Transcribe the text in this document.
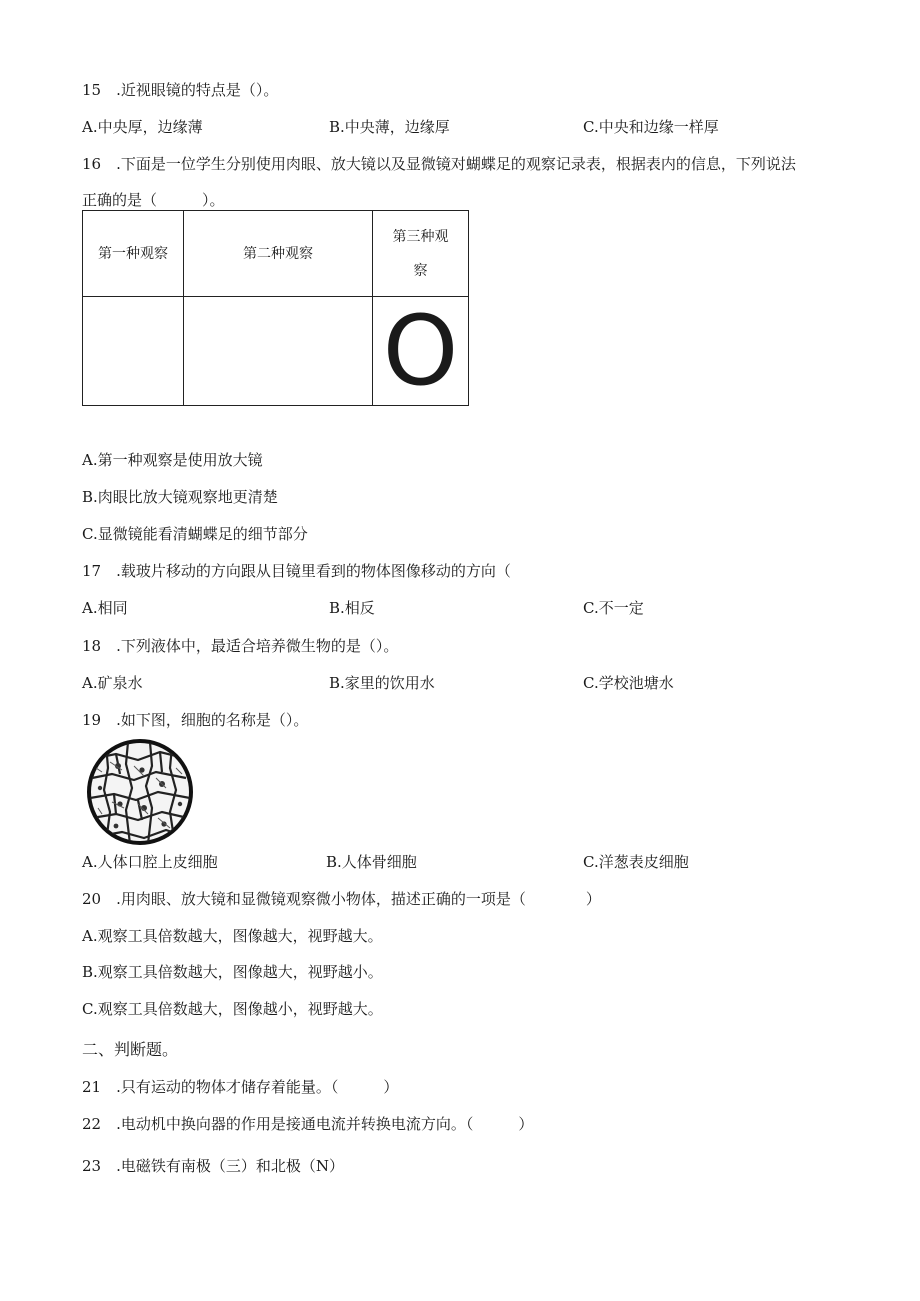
15　.近视眼镜的特点是（）。
A.中央厚，边缘薄	B.中央薄，边缘厚	C.中央和边缘一样厚
16　.下面是一位学生分别使用肉眼、放大镜以及显微镜对蝴蝶足的观察记录表，根据表内的信息，下列说法
正确的是（　　　）。
第一种观察	第二种观察	第三种观
察

		O
A.第一种观察是使用放大镜
B.肉眼比放大镜观察地更清楚
C.显微镜能看清蝴蝶足的细节部分
17　.载玻片移动的方向跟从目镜里看到的物体图像移动的方向（
A.相同	B.相反	C.不一定
18　.下列液体中，最适合培养微生物的是（）。
A.矿泉水	B.家里的饮用水	C.学校池塘水
19　.如下图，细胞的名称是（）。
A.人体口腔上皮细胞	B.人体骨细胞	C.洋葱表皮细胞
20　.用肉眼、放大镜和显微镜观察微小物体，描述正确的一项是（　　　　）
A.观察工具倍数越大，图像越大，视野越大。
B.观察工具倍数越大，图像越大，视野越小。
C.观察工具倍数越大，图像越小，视野越大。
二、判断题。
21　.只有运动的物体才储存着能量。（　　　）
22　.电动机中换向器的作用是接通电流并转换电流方向。（　　　）
23　.电磁铁有南极（三）和北极（N）
